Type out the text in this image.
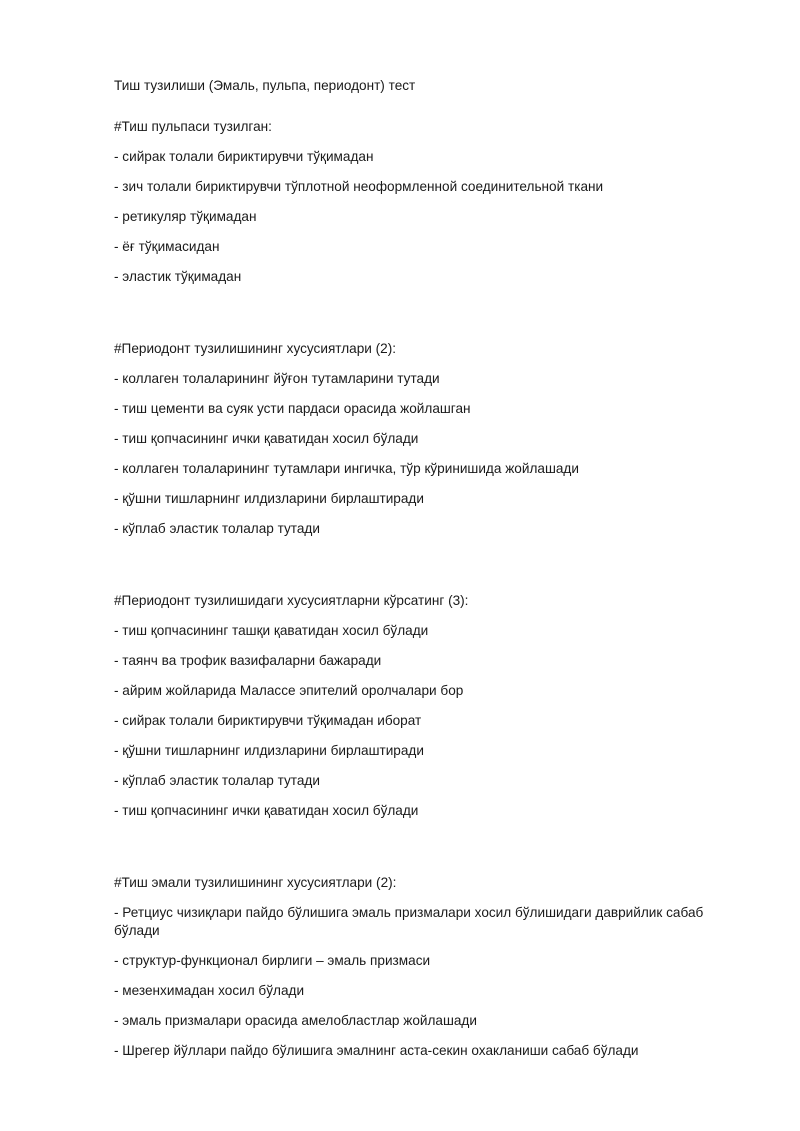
Тиш тузилиши (Эмаль, пульпа, периодонт) тест
#Тиш пульпаси тузилган:
- сийрак толали бириктирувчи тўқимадан
- зич толали бириктирувчи тўплотной неоформленной соединительной ткани
- ретикуляр тўқимадан
- ёғ тўқимасидан
- эластик тўқимадан
#Периодонт тузилишининг хусусиятлари (2):
- коллаген толаларининг йўғон тутамларини тутади
- тиш цементи ва суяк усти пардаси орасида жойлашган
- тиш қопчасининг ички қаватидан хосил бўлади
- коллаген толаларининг тутамлари ингичка, тўр кўринишида жойлашади
- қўшни тишларнинг илдизларини бирлаштиради
- кўплаб эластик толалар тутади
#Периодонт тузилишидаги хусусиятларни кўрсатинг (3):
- тиш қопчасининг ташқи қаватидан хосил бўлади
- таянч ва трофик вазифаларни бажаради
- айрим жойларида Малассе эпителий оролчалари бор
- сийрак толали бириктирувчи тўқимадан иборат
- қўшни тишларнинг илдизларини бирлаштиради
- кўплаб эластик толалар тутади
- тиш қопчасининг ички қаватидан хосил бўлади
#Тиш эмали тузилишининг хусусиятлари (2):
- Ретциус чизиқлари пайдо бўлишига эмаль призмалари хосил бўлишидаги даврийлик сабаб бўлади
- структур-функционал бирлиги – эмаль призмаси
- мезенхимадан хосил бўлади
- эмаль призмалари орасида амелобластлар жойлашади
- Шрегер йўллари пайдо бўлишига эмалнинг аста-секин охакланиши сабаб бўлади
